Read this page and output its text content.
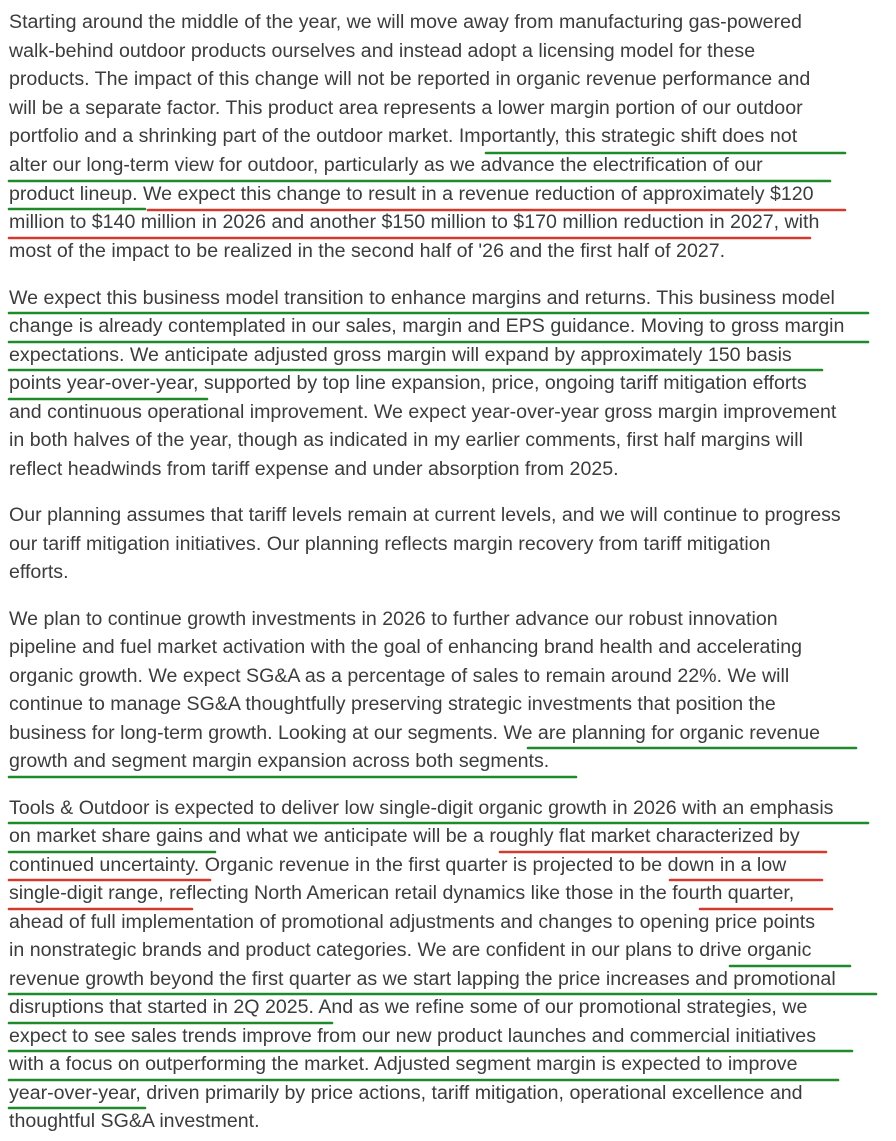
Starting around the middle of the year, we will move away from manufacturing gas-powered

walk-behind outdoor products ourselves and instead adopt a licensing model for these

products. The impact of this change will not be reported in organic revenue performance and

will be a separate factor. This product area represents a lower margin portion of our outdoor

portfolio and a shrinking part of the outdoor market. Importantly, this strategic shift does not

alter our long-term view for outdoor, particularly as we advance the electrification of our

product lineup. We expect this change to result in a revenue reduction of approximately $120

million to $140 million in 2026 and another $150 million to $170 million reduction in 2027, with

most of the impact to be realized in the second half of '26 and the first half of 2027.

We expect this business model transition to enhance margins and returns. This business model

change is already contemplated in our sales, margin and EPS guidance. Moving to gross margin

expectations. We anticipate adjusted gross margin will expand by approximately 150 basis

points year-over-year, supported by top line expansion, price, ongoing tariff mitigation efforts

and continuous operational improvement. We expect year-over-year gross margin improvement

in both halves of the year, though as indicated in my earlier comments, first half margins will

reflect headwinds from tariff expense and under absorption from 2025.

Our planning assumes that tariff levels remain at current levels, and we will continue to progress

our tariff mitigation initiatives. Our planning reflects margin recovery from tariff mitigation

efforts.

We plan to continue growth investments in 2026 to further advance our robust innovation

pipeline and fuel market activation with the goal of enhancing brand health and accelerating

organic growth. We expect SG&A as a percentage of sales to remain around 22%. We will

continue to manage SG&A thoughtfully preserving strategic investments that position the

business for long-term growth. Looking at our segments. We are planning for organic revenue

growth and segment margin expansion across both segments.

Tools & Outdoor is expected to deliver low single-digit organic growth in 2026 with an emphasis

on market share gains and what we anticipate will be a roughly flat market characterized by

continued uncertainty. Organic revenue in the first quarter is projected to be down in a low

single-digit range, reflecting North American retail dynamics like those in the fourth quarter,

ahead of full implementation of promotional adjustments and changes to opening price points

in nonstrategic brands and product categories. We are confident in our plans to drive organic

revenue growth beyond the first quarter as we start lapping the price increases and promotional

disruptions that started in 2Q 2025. And as we refine some of our promotional strategies, we

expect to see sales trends improve from our new product launches and commercial initiatives

with a focus on outperforming the market. Adjusted segment margin is expected to improve

year-over-year, driven primarily by price actions, tariff mitigation, operational excellence and

thoughtful SG&A investment.
